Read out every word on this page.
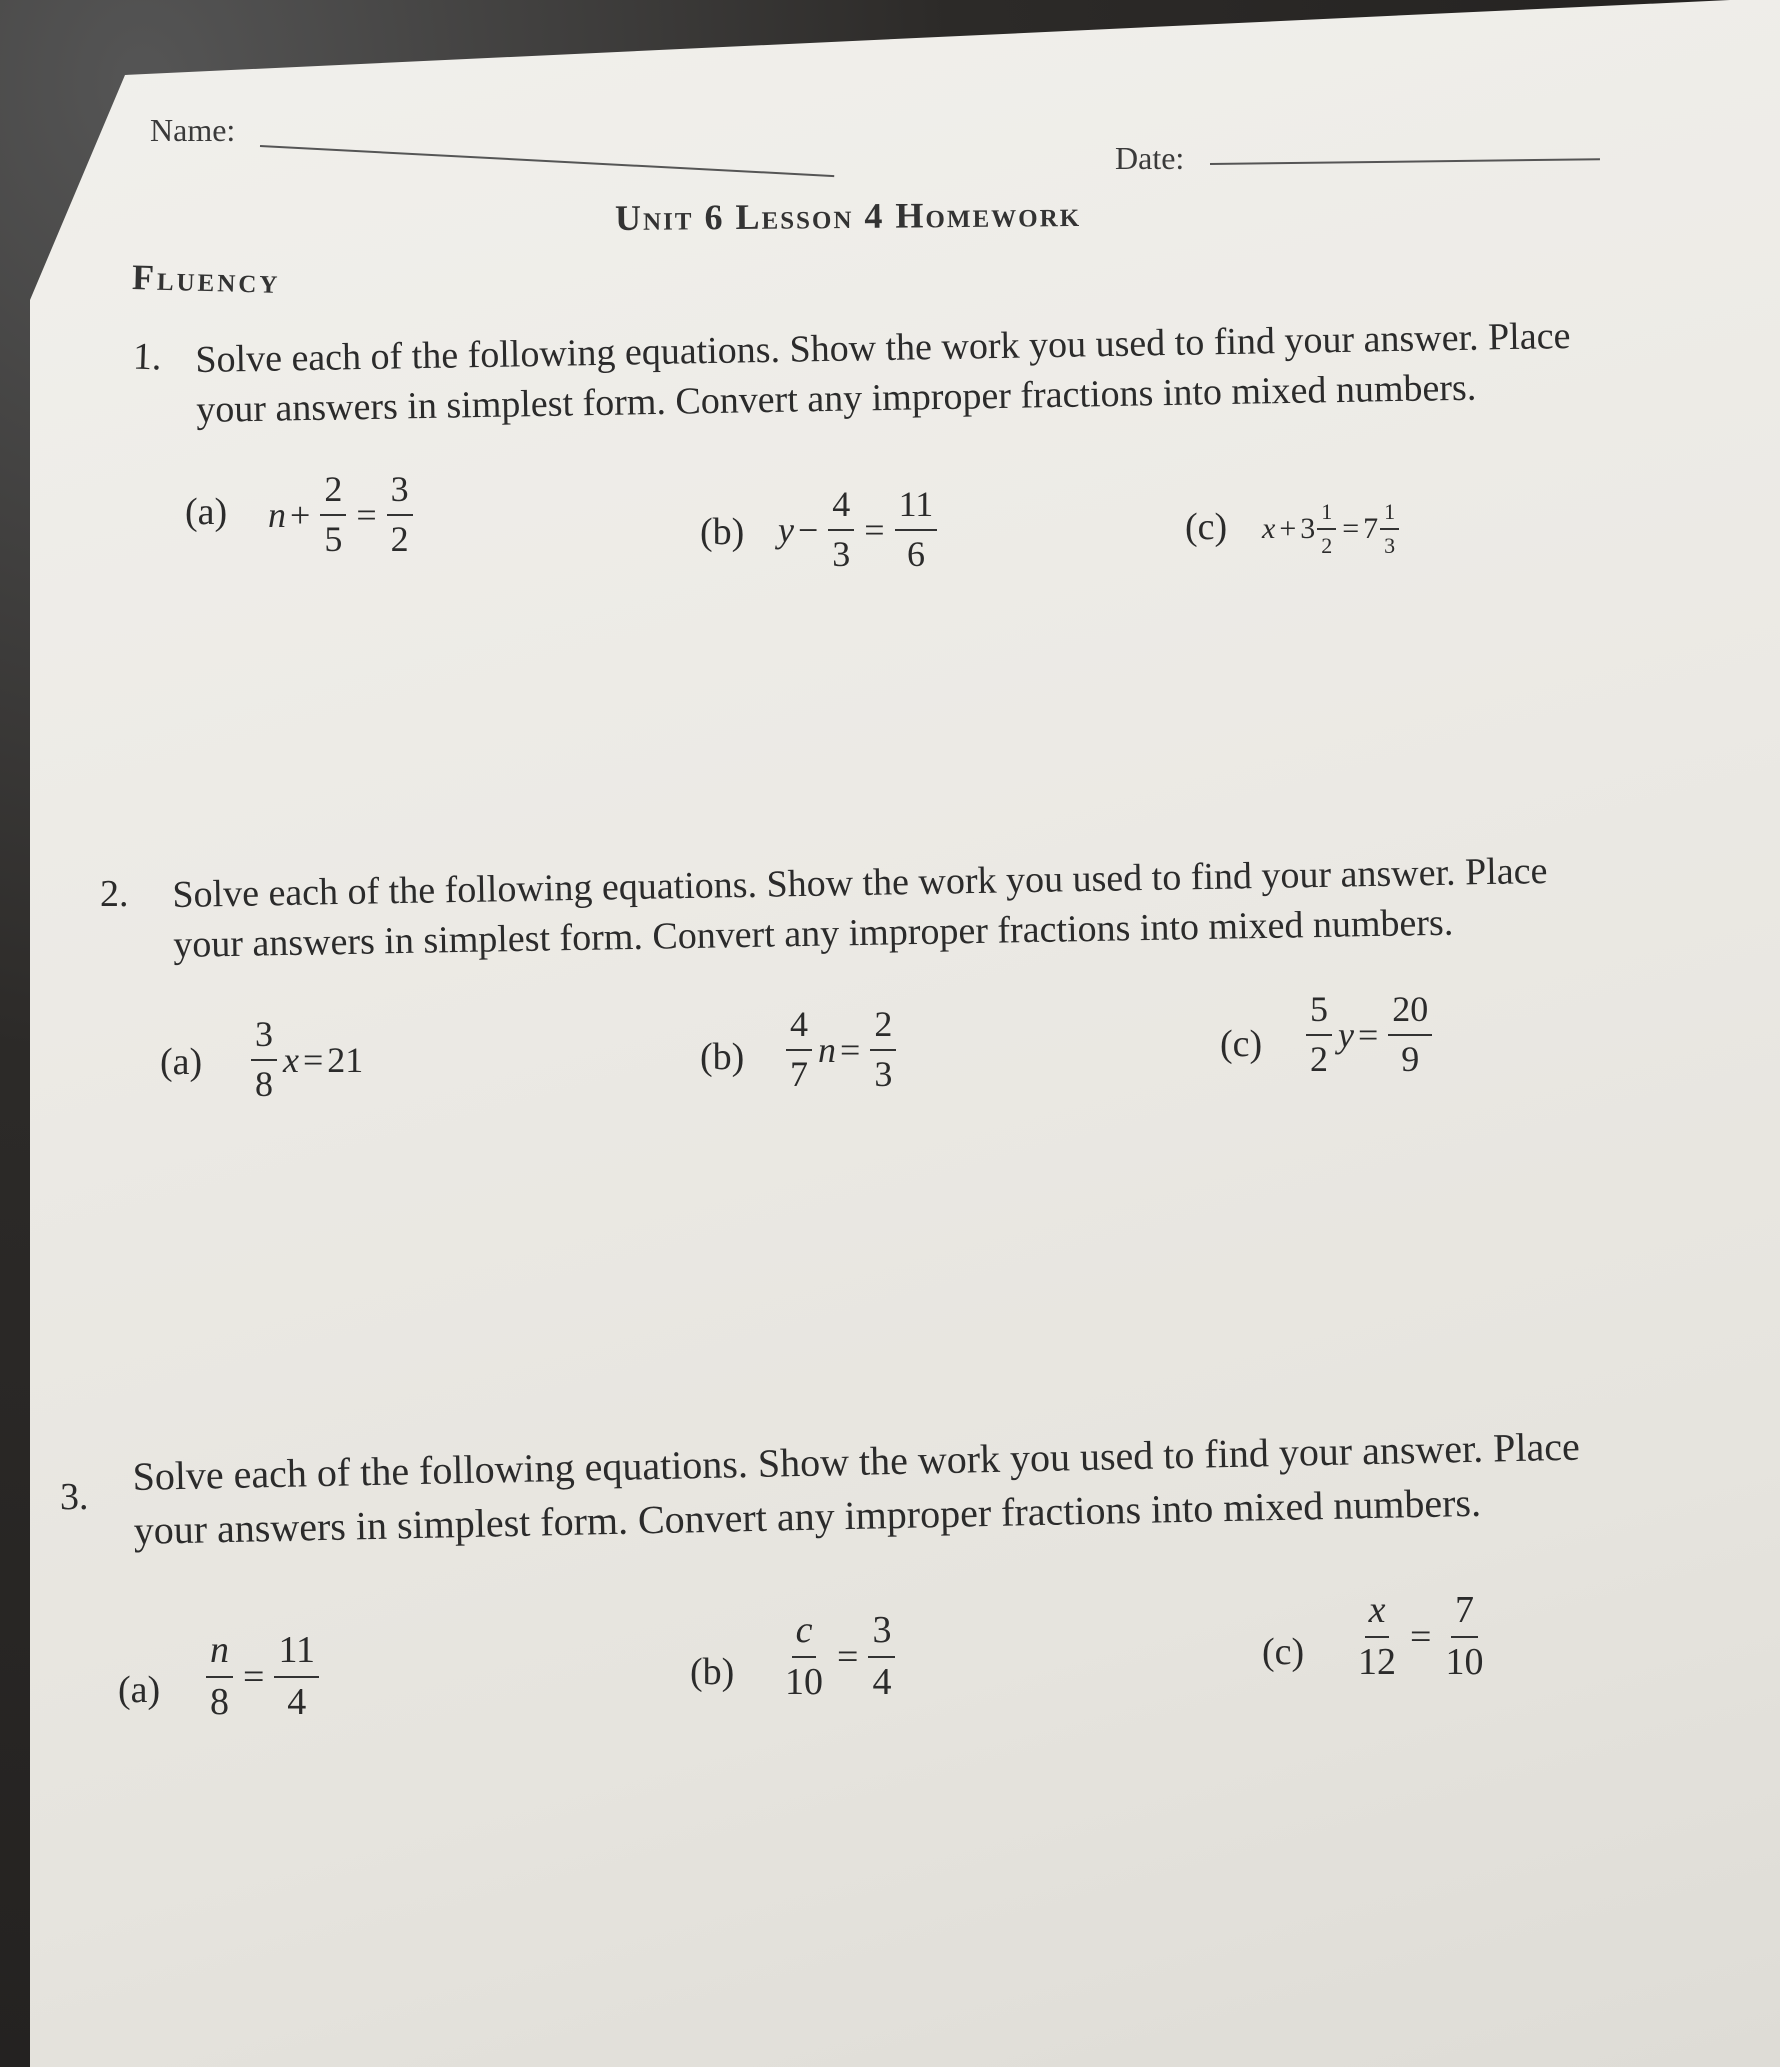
Name:
Date:
Unit 6 Lesson 4 Homework
Fluency
1. Solve each of the following equations. Show the work you used to find your answer. Place
your answers in simplest form. Convert any improper fractions into mixed numbers.
(a) $n + \frac{2}{5} = \frac{3}{2}$	(b) $y - \frac{4}{3} = \frac{11}{6}$	(c) $x + 3 \frac{1}{2} = 7 \frac{1}{3}$
2. Solve each of the following equations. Show the work you used to find your answer. Place
your answers in simplest form. Convert any improper fractions into mixed numbers.
$(a) \frac{3}{8}$ x = 21	$(b) \frac{4}{7}$ $n = \frac{2}{3}$	$(c) \frac{5}{2}$ $y = \frac{20}{9}$
3. Solve each of the following equations. Show the work you used to find your answer. Place
your answers in simplest form. Convert any improper fractions into mixed numbers.
$(a) \frac{n}{8} = \frac{11}{4}$	$(b) \frac{c}{10} = \frac{3}{4}$	$(c) \frac{x}{12} = \frac{7}{10}$
